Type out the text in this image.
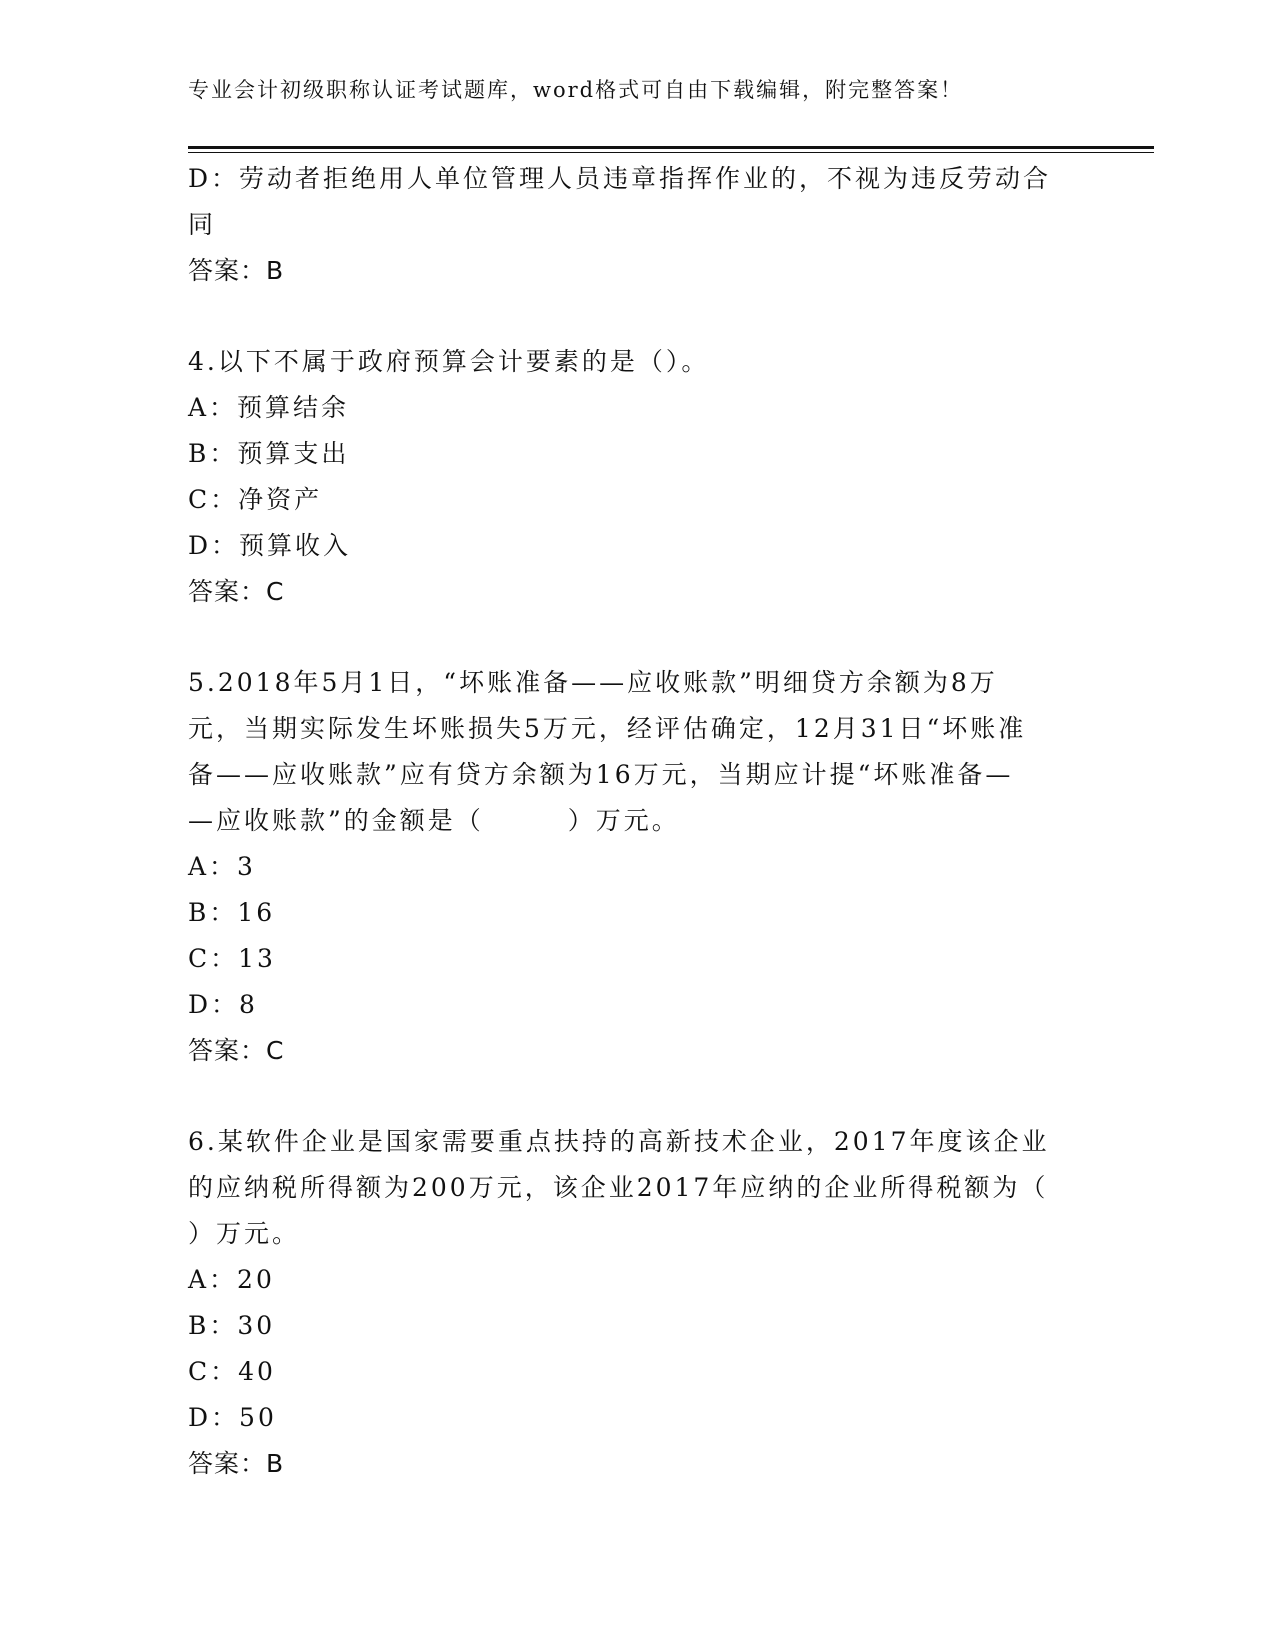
专业会计初级职称认证考试题库，word格式可自由下载编辑，附完整答案！
D：劳动者拒绝用人单位管理人员违章指挥作业的，不视为违反劳动合
同
答案：B
4.以下不属于政府预算会计要素的是（）。
A：预算结余
B：预算支出
C：净资产
D：预算收入
答案：C
5.2018年5月1日，“坏账准备——应收账款”明细贷方余额为8万
元，当期实际发生坏账损失5万元，经评估确定，12月31日“坏账准
备——应收账款”应有贷方余额为16万元，当期应计提“坏账准备—
—应收账款”的金额是（　　　）万元。
A：3
B：16
C：13
D：8
答案：C
6.某软件企业是国家需要重点扶持的高新技术企业，2017年度该企业
的应纳税所得额为200万元，该企业2017年应纳的企业所得税额为（
）万元。
A：20
B：30
C：40
D：50
答案：B
